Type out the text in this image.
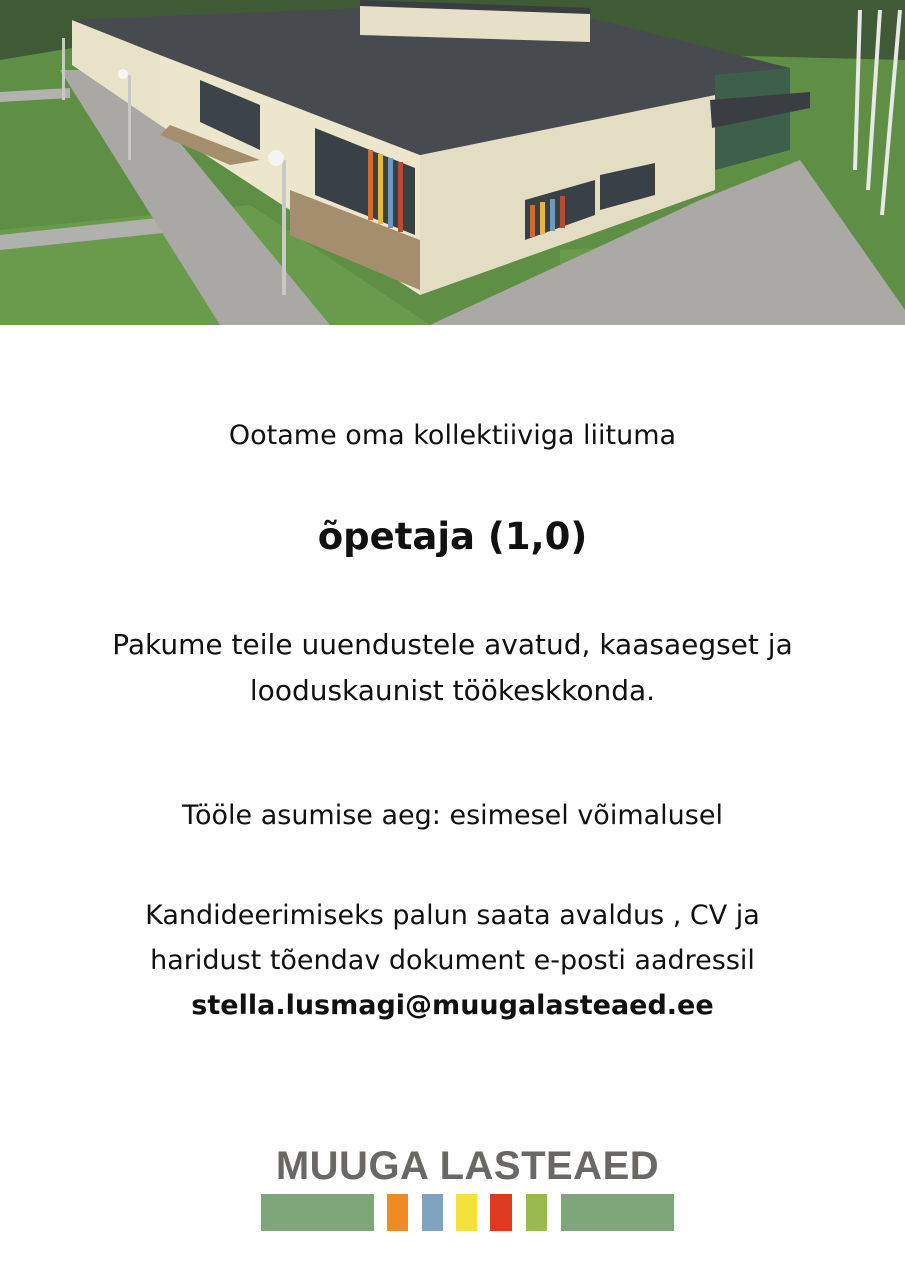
Ootame oma kollektiiviga liituma
õpetaja (1,0)
Pakume teile uuendustele avatud, kaasaegset ja
looduskaunist töökeskkonda.
Tööle asumise aeg: esimesel võimalusel
Kandideerimiseks palun saata avaldus , CV ja
haridust tõendav dokument e-posti aadressil
stella.lusmagi@muugalasteaed.ee
MUUGA LASTEAED
